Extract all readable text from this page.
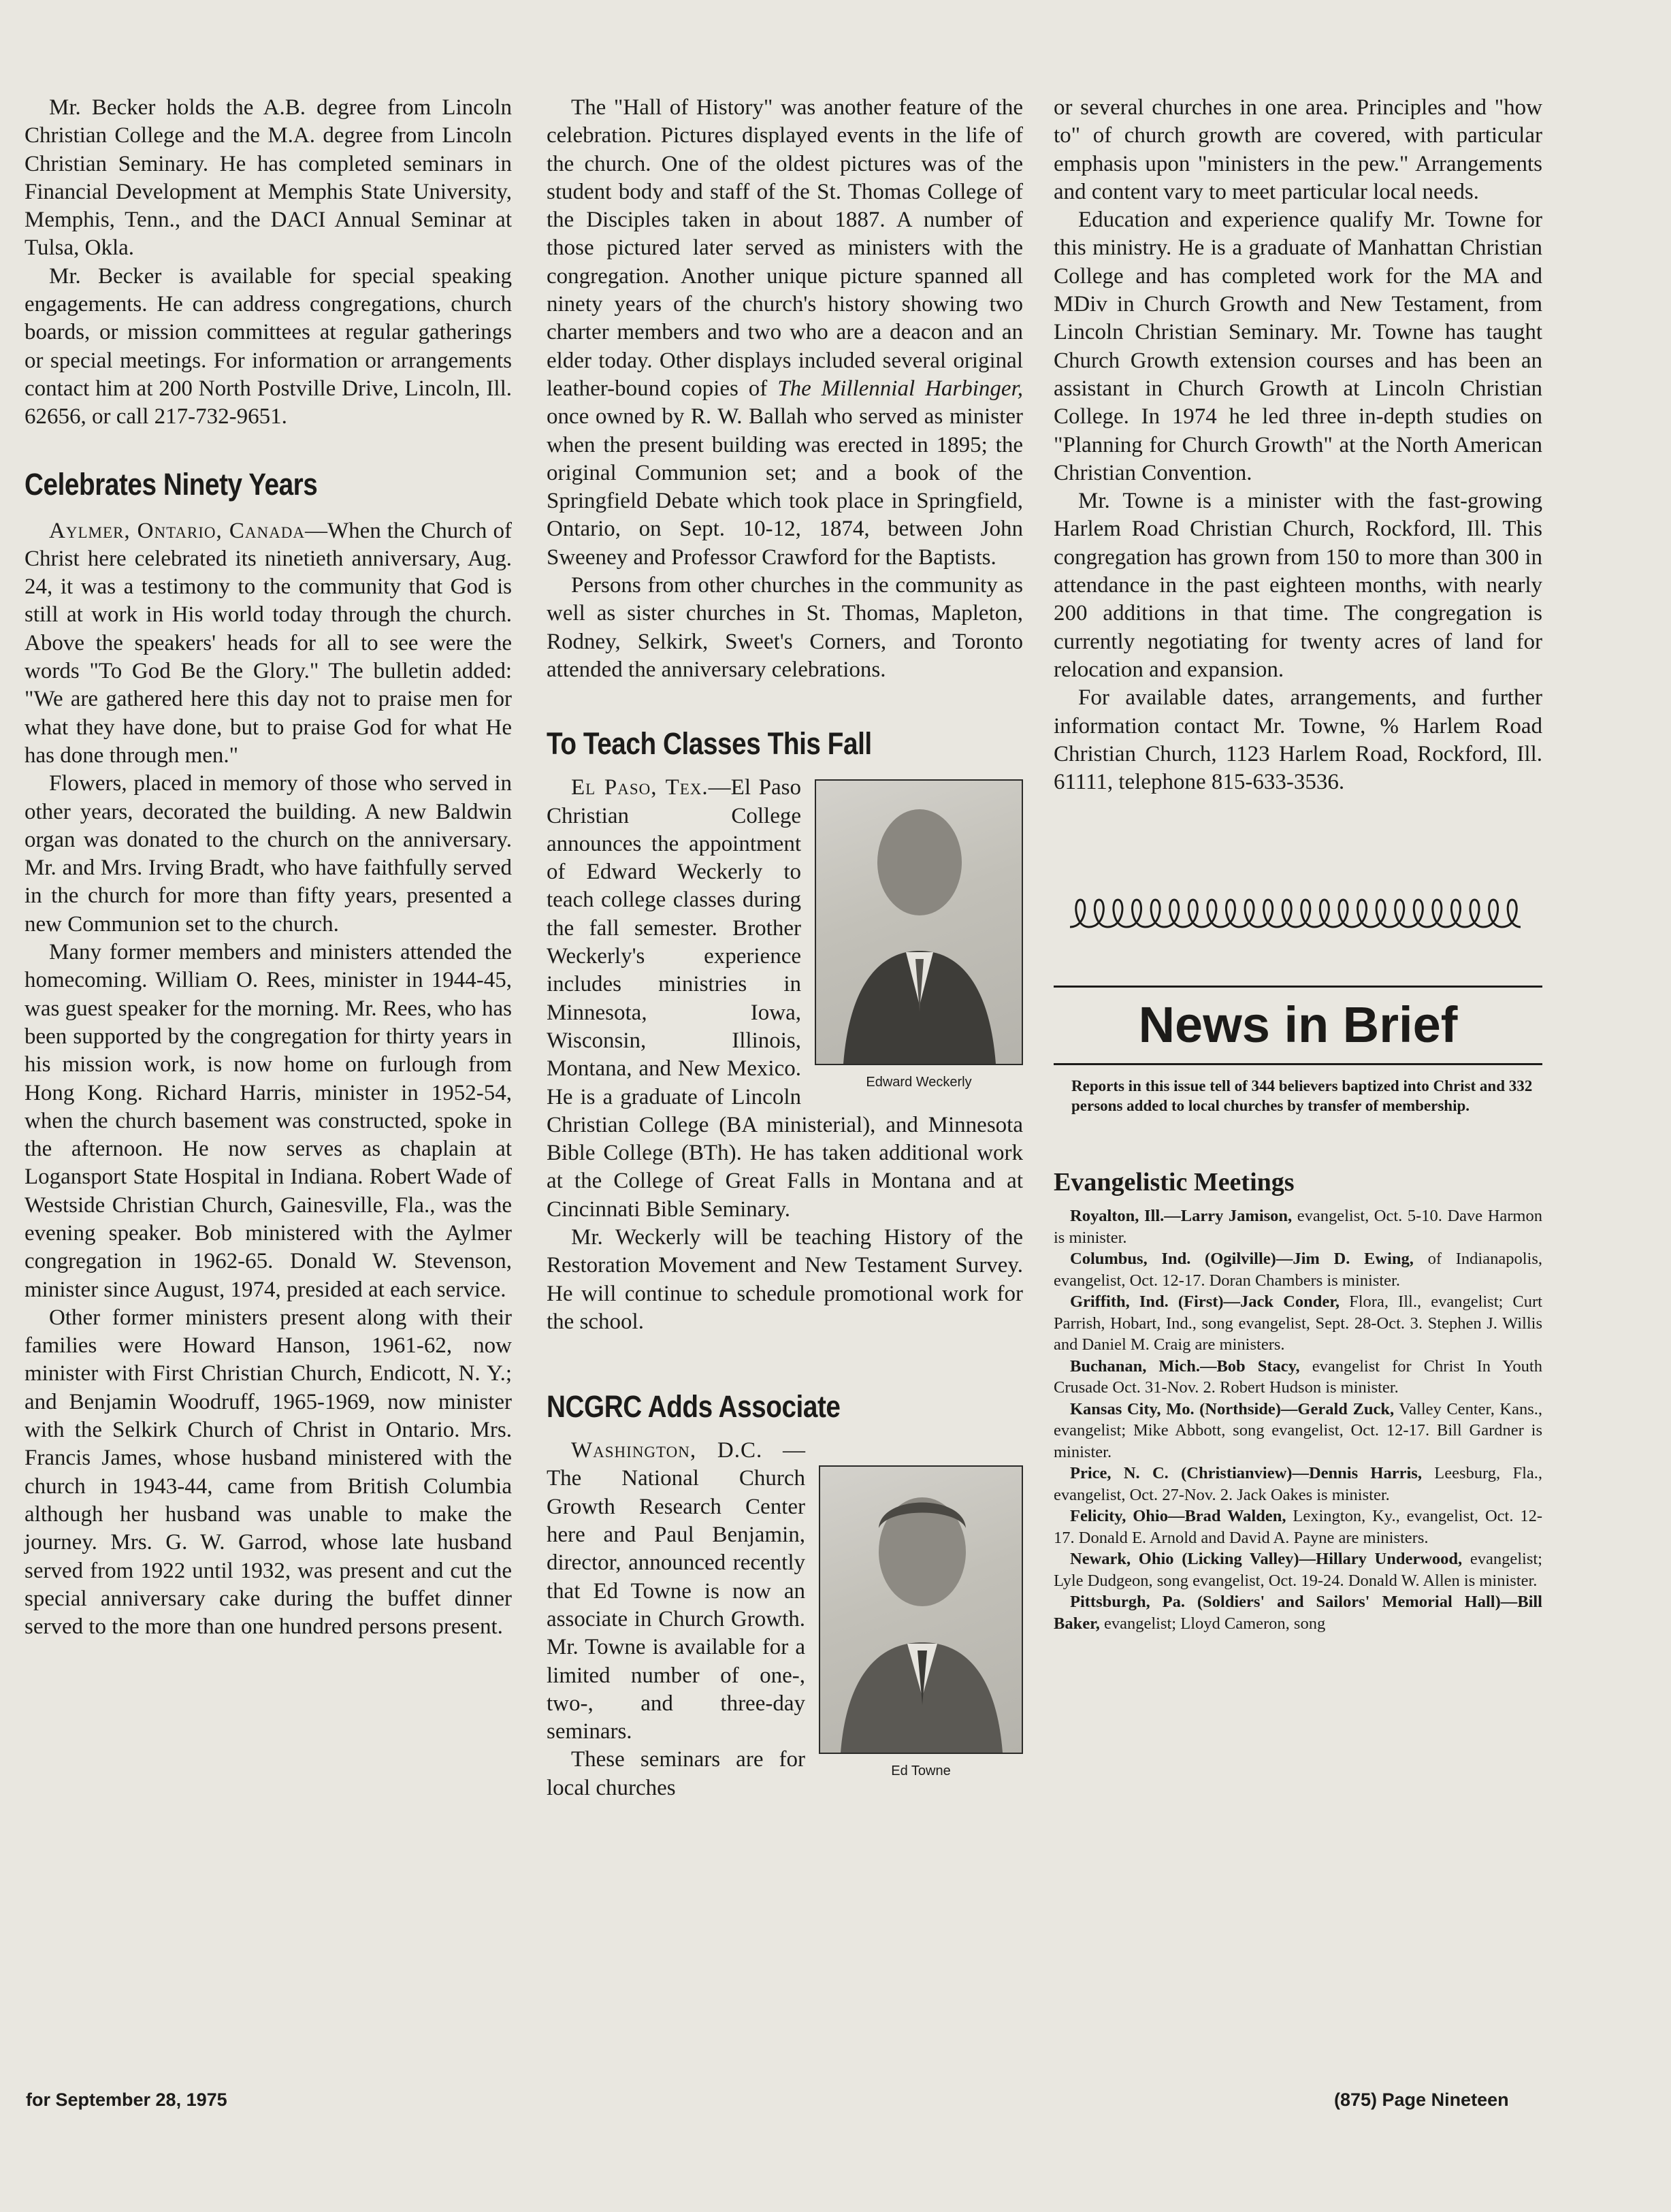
Mr. Becker holds the A.B. degree from Lincoln Christian College and the M.A. degree from Lincoln Christian Seminary. He has completed seminars in Financial Development at Memphis State University, Memphis, Tenn., and the DACI Annual Seminar at Tulsa, Okla.

Mr. Becker is available for special speaking engagements. He can address congregations, church boards, or mission committees at regular gatherings or special meetings. For information or arrangements contact him at 200 North Postville Drive, Lincoln, Ill. 62656, or call 217-732-9651.

Celebrates Ninety Years

Aylmer, Ontario, Canada—When the Church of Christ here celebrated its ninetieth anniversary, Aug. 24, it was a testimony to the community that God is still at work in His world today through the church. Above the speakers' heads for all to see were the words "To God Be the Glory." The bulletin added: "We are gathered here this day not to praise men for what they have done, but to praise God for what He has done through men."

Flowers, placed in memory of those who served in other years, decorated the building. A new Baldwin organ was donated to the church on the anniversary. Mr. and Mrs. Irving Bradt, who have faithfully served in the church for more than fifty years, presented a new Communion set to the church.

Many former members and ministers attended the homecoming. William O. Rees, minister in 1944-45, was guest speaker for the morning. Mr. Rees, who has been supported by the congregation for thirty years in his mission work, is now home on furlough from Hong Kong. Richard Harris, minister in 1952-54, when the church basement was constructed, spoke in the afternoon. He now serves as chaplain at Logansport State Hospital in Indiana. Robert Wade of Westside Christian Church, Gainesville, Fla., was the evening speaker. Bob ministered with the Aylmer congregation in 1962-65. Donald W. Stevenson, minister since August, 1974, presided at each service.

Other former ministers present along with their families were Howard Hanson, 1961-62, now minister with First Christian Church, Endicott, N. Y.; and Benjamin Woodruff, 1965-1969, now minister with the Selkirk Church of Christ in Ontario. Mrs. Francis James, whose husband ministered with the church in 1943-44, came from British Columbia although her husband was unable to make the journey. Mrs. G. W. Garrod, whose late husband served from 1922 until 1932, was present and cut the special anniversary cake during the buffet dinner served to the more than one hundred persons present.

The "Hall of History" was another feature of the celebration. Pictures displayed events in the life of the church. One of the oldest pictures was of the student body and staff of the St. Thomas College of the Disciples taken in about 1887. A number of those pictured later served as ministers with the congregation. Another unique picture spanned all ninety years of the church's history showing two charter members and two who are a deacon and an elder today. Other displays included several original leather-bound copies of The Millennial Harbinger, once owned by R. W. Ballah who served as minister when the present building was erected in 1895; the original Communion set; and a book of the Springfield Debate which took place in Springfield, Ontario, on Sept. 10-12, 1874, between John Sweeney and Professor Crawford for the Baptists.

Persons from other churches in the community as well as sister churches in St. Thomas, Mapleton, Rodney, Selkirk, Sweet's Corners, and Toronto attended the anniversary celebrations.

To Teach Classes This Fall
Edward Weckerly

El Paso, Tex.—El Paso Christian College announces the appointment of Edward Weckerly to teach college classes during the fall semester. Brother Weckerly's experience includes ministries in Minnesota, Iowa, Wisconsin, Illinois, Montana, and New Mexico. He is a graduate of Lincoln Christian College (BA ministerial), and Minnesota Bible College (BTh). He has taken additional work at the College of Great Falls in Montana and at Cincinnati Bible Seminary.

Mr. Weckerly will be teaching History of the Restoration Movement and New Testament Survey. He will continue to schedule promotional work for the school.

NCGRC Adds Associate
Ed Towne

Washington, D.C. —The National Church Growth Research Center here and Paul Benjamin, director, announced recently that Ed Towne is now an associate in Church Growth. Mr. Towne is available for a limited number of one-, two-, and three-day seminars.

These seminars are for local churches

or several churches in one area. Principles and "how to" of church growth are covered, with particular emphasis upon "ministers in the pew." Arrangements and content vary to meet particular local needs.

Education and experience qualify Mr. Towne for this ministry. He is a graduate of Manhattan Christian College and has completed work for the MA and MDiv in Church Growth and New Testament, from Lincoln Christian Seminary. Mr. Towne has taught Church Growth extension courses and has been an assistant in Church Growth at Lincoln Christian College. In 1974 he led three in-depth studies on "Planning for Church Growth" at the North American Christian Convention.

Mr. Towne is a minister with the fast-growing Harlem Road Christian Church, Rockford, Ill. This congregation has grown from 150 to more than 300 in attendance in the past eighteen months, with nearly 200 additions in that time. The congregation is currently negotiating for twenty acres of land for relocation and expansion.

For available dates, arrangements, and further information contact Mr. Towne, % Harlem Road Christian Church, 1123 Harlem Road, Rockford, Ill. 61111, telephone 815-633-3536.

News in Brief

Reports in this issue tell of 344 believers baptized into Christ and 332 persons added to local churches by transfer of membership.

Evangelistic Meetings

Royalton, Ill.—Larry Jamison, evangelist, Oct. 5-10. Dave Harmon is minister.

Columbus, Ind. (Ogilville)—Jim D. Ewing, of Indianapolis, evangelist, Oct. 12-17. Doran Chambers is minister.

Griffith, Ind. (First)—Jack Conder, Flora, Ill., evangelist; Curt Parrish, Hobart, Ind., song evangelist, Sept. 28-Oct. 3. Stephen J. Willis and Daniel M. Craig are ministers.

Buchanan, Mich.—Bob Stacy, evangelist for Christ In Youth Crusade Oct. 31-Nov. 2. Robert Hudson is minister.

Kansas City, Mo. (Northside)—Gerald Zuck, Valley Center, Kans., evangelist; Mike Abbott, song evangelist, Oct. 12-17. Bill Gardner is minister.

Price, N. C. (Christianview)—Dennis Harris, Leesburg, Fla., evangelist, Oct. 27-Nov. 2. Jack Oakes is minister.

Felicity, Ohio—Brad Walden, Lexington, Ky., evangelist, Oct. 12-17. Donald E. Arnold and David A. Payne are ministers.

Newark, Ohio (Licking Valley)—Hillary Underwood, evangelist; Lyle Dudgeon, song evangelist, Oct. 19-24. Donald W. Allen is minister.

Pittsburgh, Pa. (Soldiers' and Sailors' Memorial Hall)—Bill Baker, evangelist; Lloyd Cameron, song

for September 28, 1975	(875) Page Nineteen
